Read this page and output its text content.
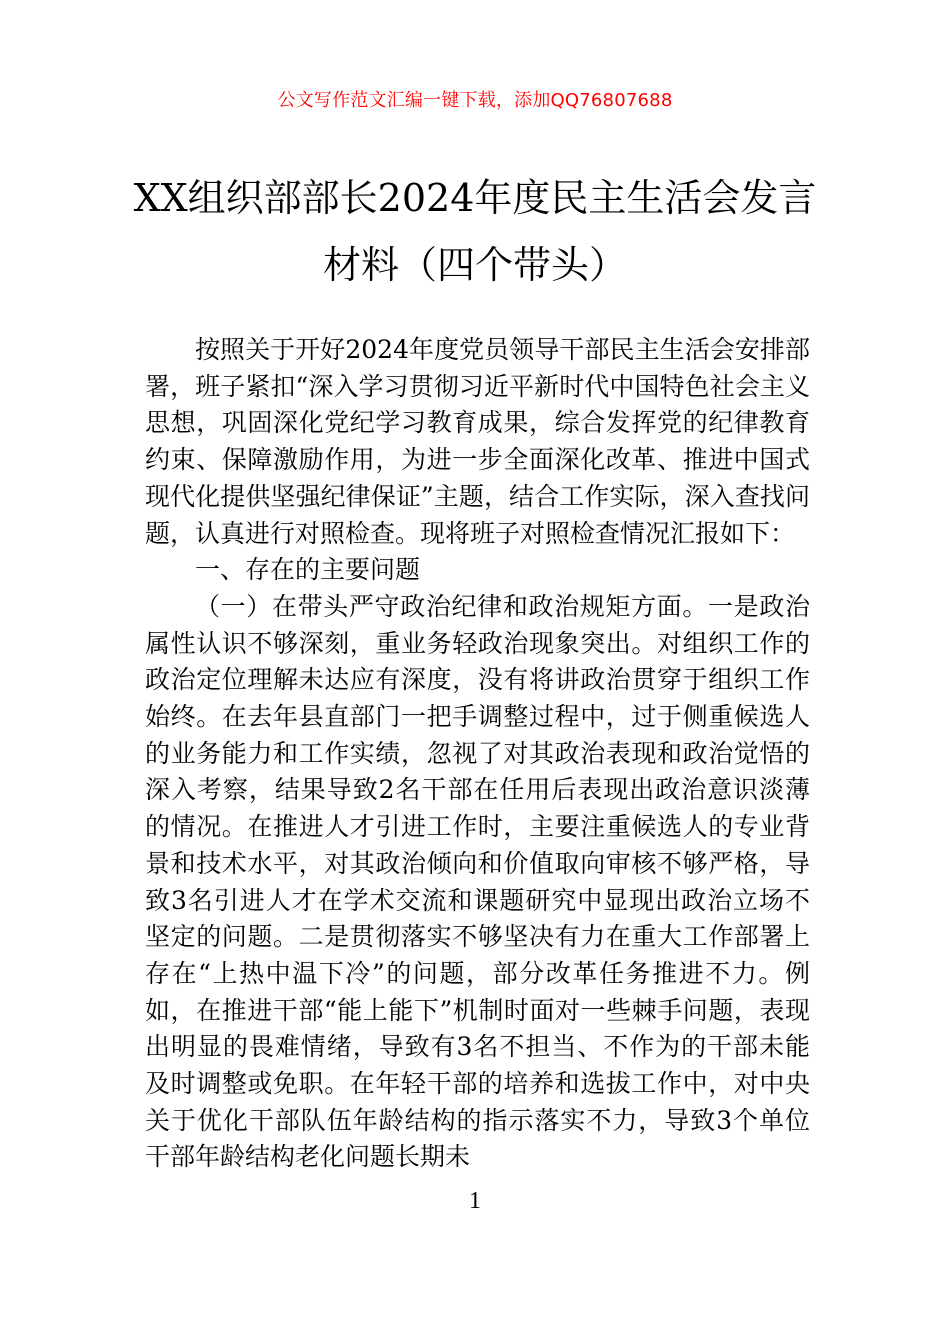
公文写作范文汇编一键下载，添加QQ76807688
XX组织部部长2024年度民主生活会发言
材料（四个带头）

按照关于开好2024年度党员领导干部民主生活会安排部署，班子紧扣“深入学习贯彻习近平新时代中国特色社会主义思想，巩固深化党纪学习教育成果，综合发挥党的纪律教育约束、保障激励作用，为进一步全面深化改革、推进中国式现代化提供坚强纪律保证”主题，结合工作实际，深入查找问题，认真进行对照检查。现将班子对照检查情况汇报如下：

一、存在的主要问题

（一）在带头严守政治纪律和政治规矩方面。一是政治属性认识不够深刻，重业务轻政治现象突出。对组织工作的政治定位理解未达应有深度，没有将讲政治贯穿于组织工作始终。在去年县直部门一把手调整过程中，过于侧重候选人的业务能力和工作实绩，忽视了对其政治表现和政治觉悟的深入考察，结果导致2名干部在任用后表现出政治意识淡薄的情况。在推进人才引进工作时，主要注重候选人的专业背景和技术水平，对其政治倾向和价值取向审核不够严格，导致3名引进人才在学术交流和课题研究中显现出政治立场不坚定的问题。二是贯彻落实不够坚决有力在重大工作部署上存在“上热中温下冷”的问题，部分改革任务推进不力。例如，在推进干部“能上能下”机制时面对一些棘手问题，表现出明显的畏难情绪，导致有3名不担当、不作为的干部未能及时调整或免职。在年轻干部的培养和选拔工作中，对中央关于优化干部队伍年龄结构的指示落实不力，导致3个单位干部年龄结构老化问题长期未

1
